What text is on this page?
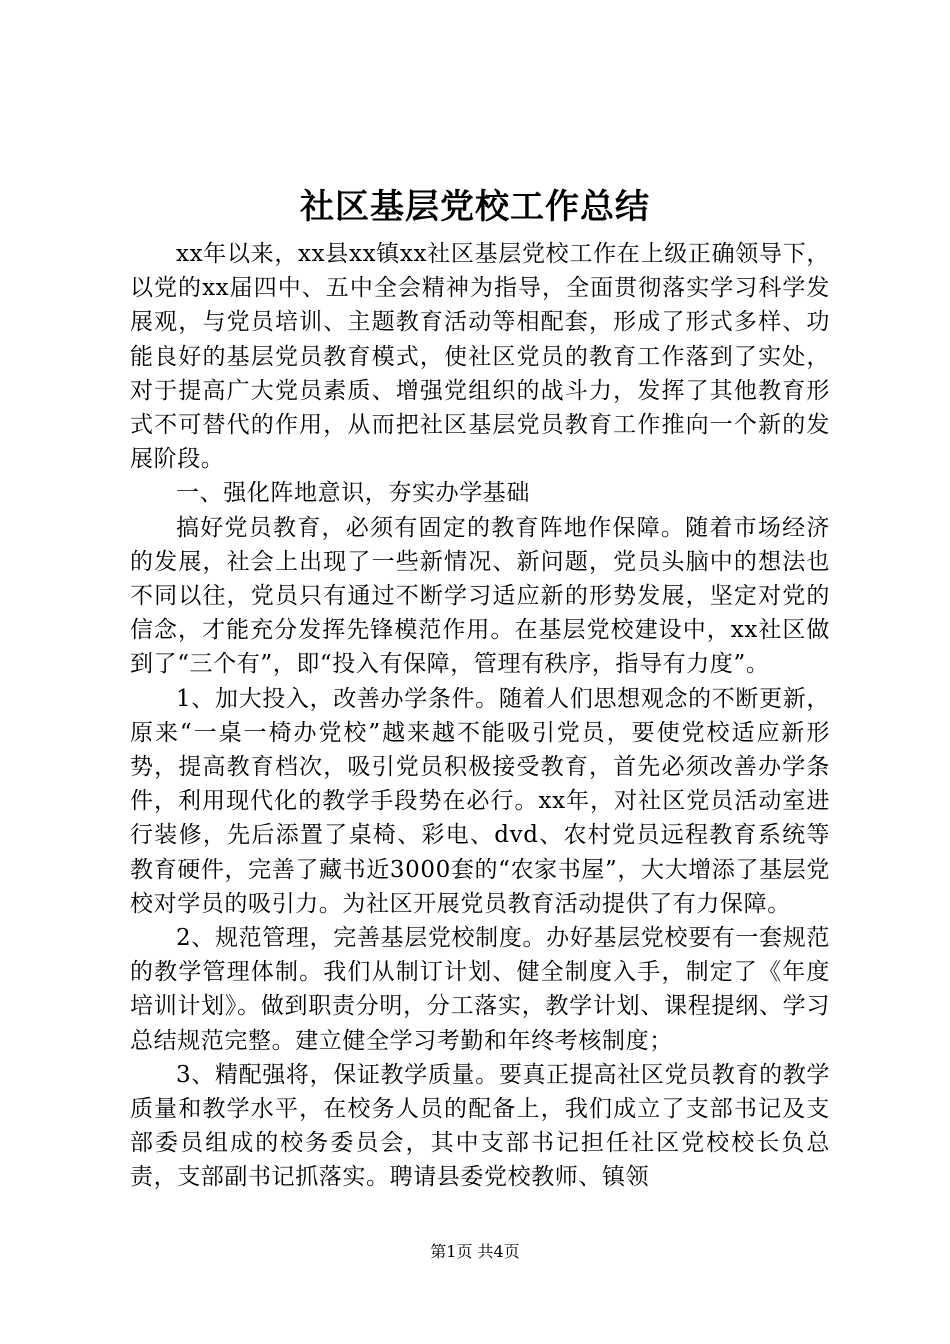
社区基层党校工作总结

xx年以来，xx县xx镇xx社区基层党校工作在上级正确领导下，以党的xx届四中、五中全会精神为指导，全面贯彻落实学习科学发展观，与党员培训、主题教育活动等相配套，形成了形式多样、功能良好的基层党员教育模式，使社区党员的教育工作落到了实处，对于提高广大党员素质、增强党组织的战斗力，发挥了其他教育形式不可替代的作用，从而把社区基层党员教育工作推向一个新的发展阶段。

一、强化阵地意识，夯实办学基础

搞好党员教育，必须有固定的教育阵地作保障。随着市场经济的发展，社会上出现了一些新情况、新问题，党员头脑中的想法也不同以往，党员只有通过不断学习适应新的形势发展，坚定对党的信念，才能充分发挥先锋模范作用。在基层党校建设中，xx社区做到了“三个有”，即“投入有保障，管理有秩序，指导有力度”。

1、加大投入，改善办学条件。随着人们思想观念的不断更新，原来“一桌一椅办党校”越来越不能吸引党员，要使党校适应新形势，提高教育档次，吸引党员积极接受教育，首先必须改善办学条件，利用现代化的教学手段势在必行。xx年，对社区党员活动室进行装修，先后添置了桌椅、彩电、dvd、农村党员远程教育系统等教育硬件，完善了藏书近3000套的“农家书屋”，大大增添了基层党校对学员的吸引力。为社区开展党员教育活动提供了有力保障。

2、规范管理，完善基层党校制度。办好基层党校要有一套规范的教学管理体制。我们从制订计划、健全制度入手，制定了《年度培训计划》。做到职责分明，分工落实，教学计划、课程提纲、学习总结规范完整。建立健全学习考勤和年终考核制度；

3、精配强将，保证教学质量。要真正提高社区党员教育的教学质量和教学水平，在校务人员的配备上，我们成立了支部书记及支部委员组成的校务委员会，其中支部书记担任社区党校校长负总责，支部副书记抓落实。聘请县委党校教师、镇领

第1页 共4页
